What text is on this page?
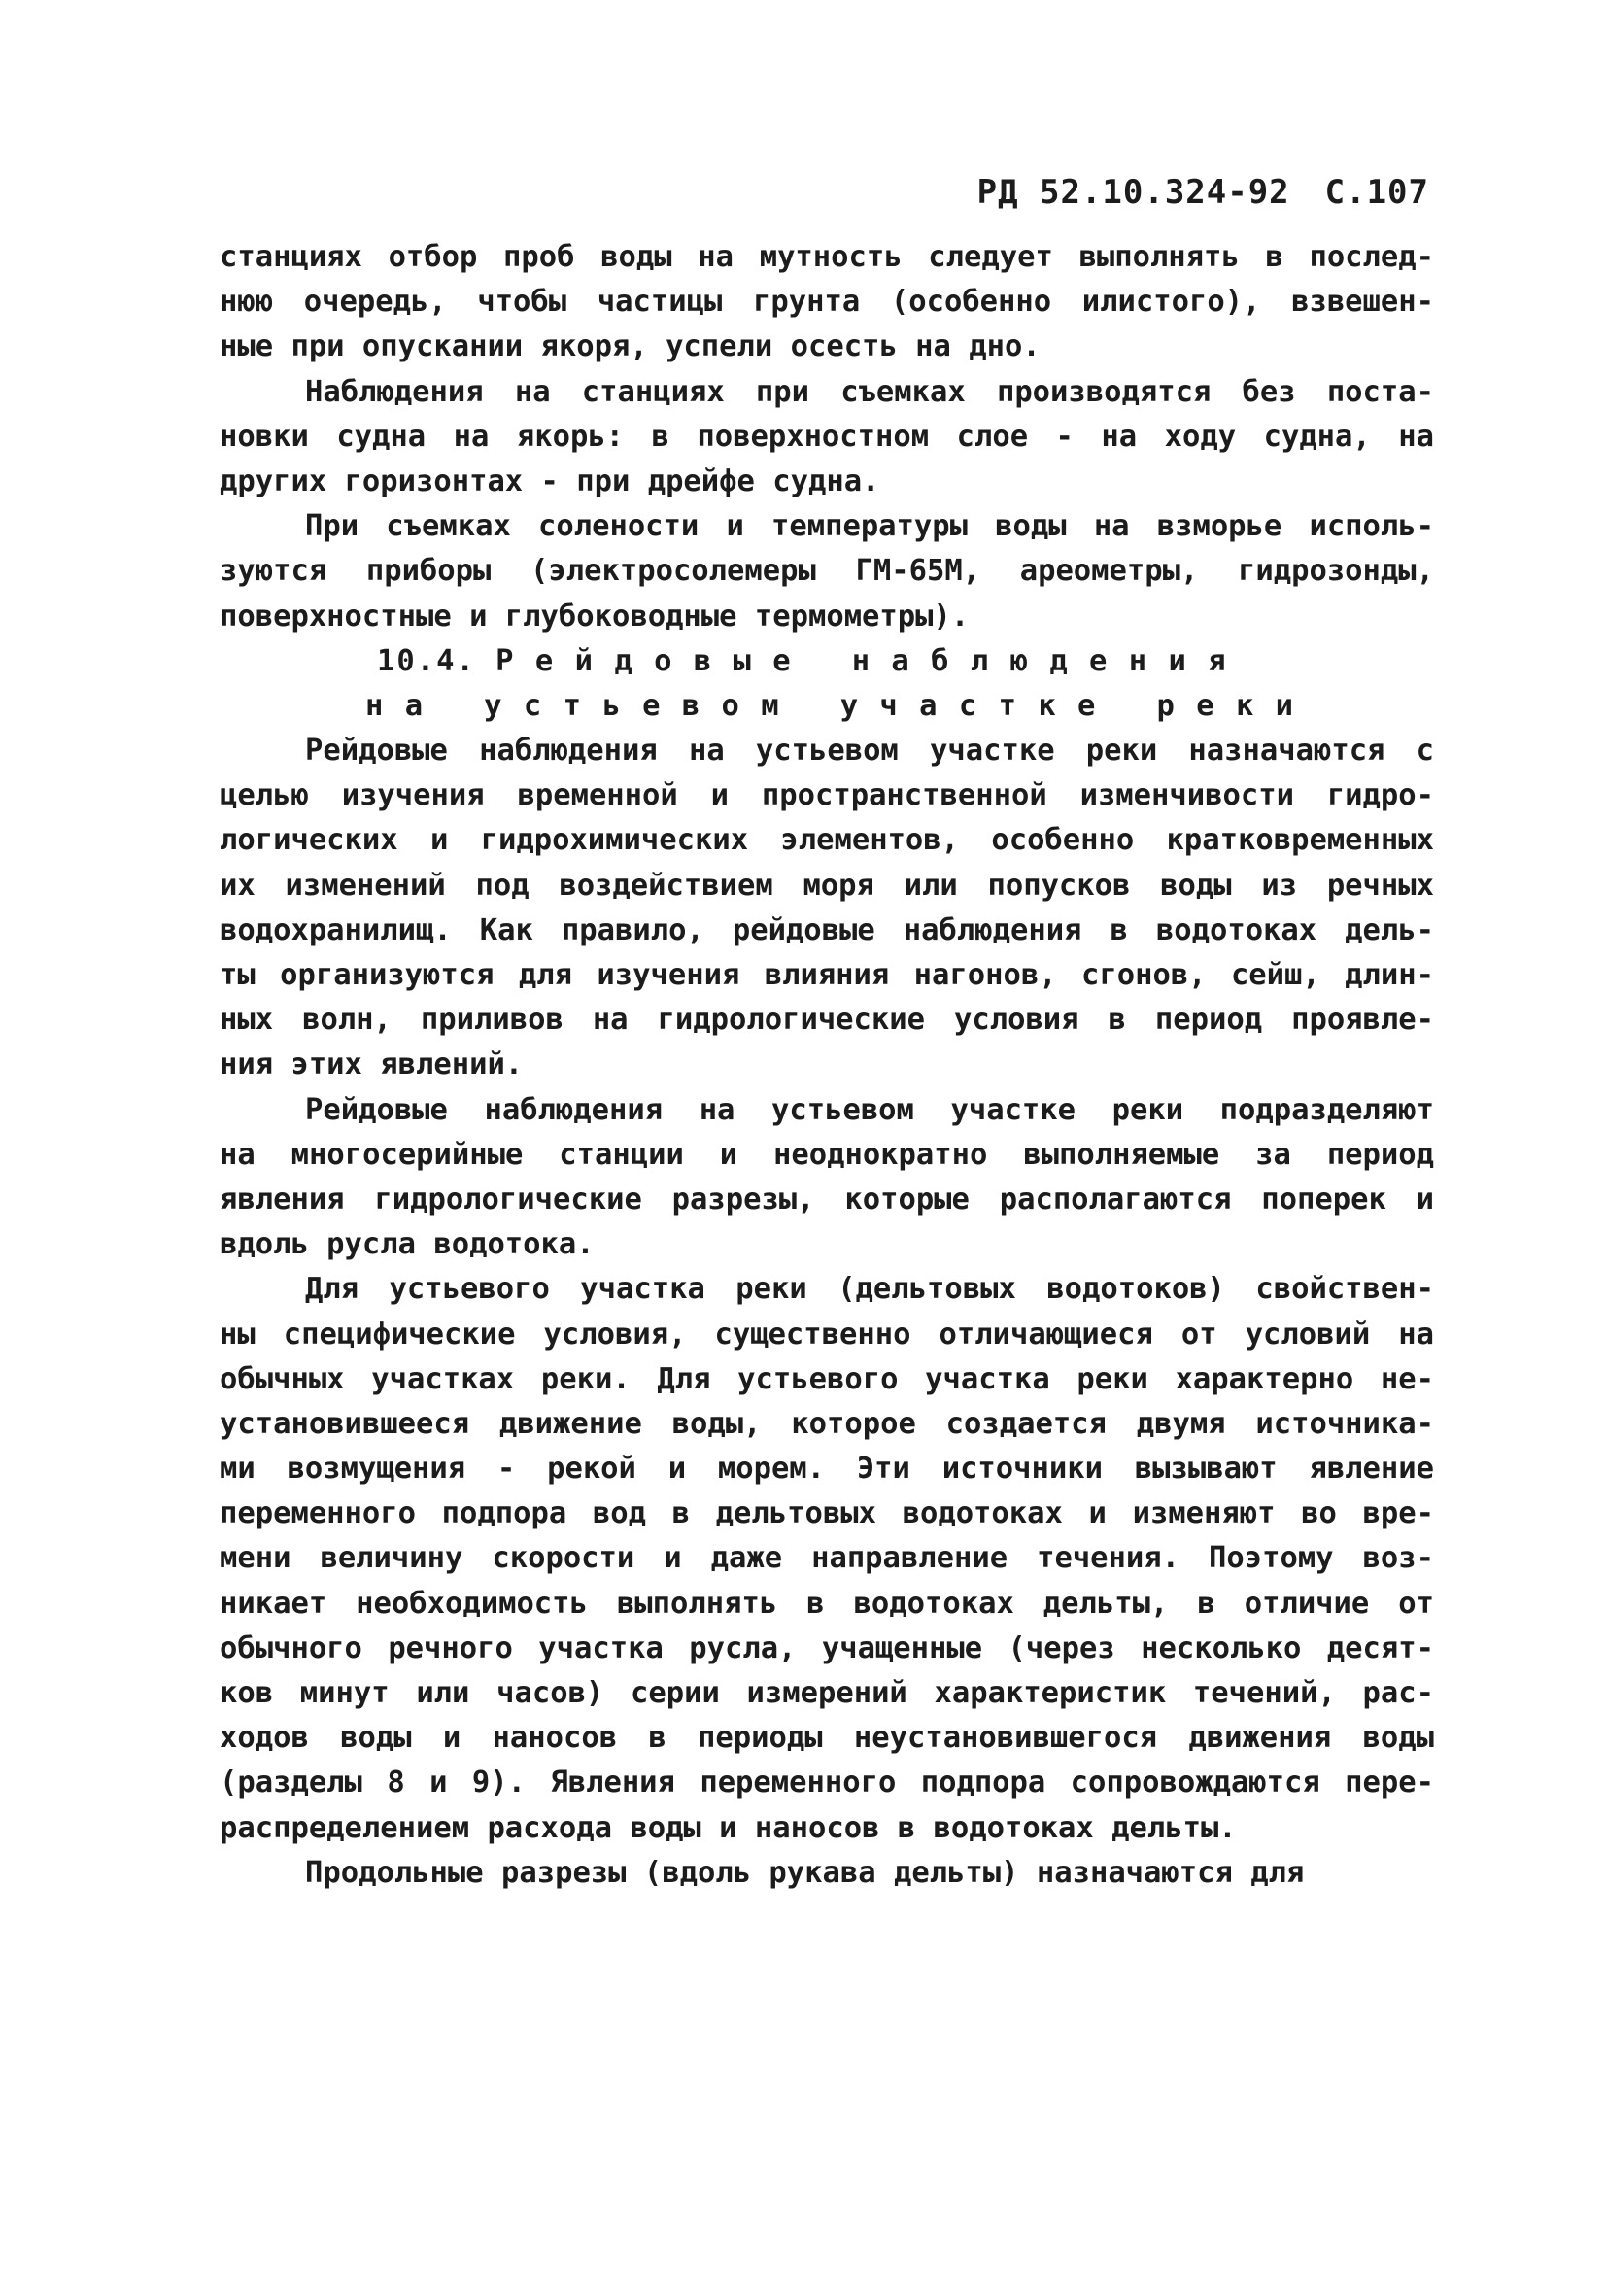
РД 52.10.324-92 С.107
станциях отбор проб воды на мутность следует выполнять в послед-
нюю очередь, чтобы частицы грунта (особенно илистого), взвешен-
ные при опускании якоря, успели осесть на дно.
Наблюдения на станциях при съемках производятся без поста-
новки судна на якорь: в поверхностном слое - на ходу судна, на
других горизонтах - при дрейфе судна.
При съемках солености и температуры воды на взморье исполь-
зуются приборы (электросолемеры ГМ-65М, ареометры, гидрозонды,
поверхностные и глубоководные термометры).
10.4. Р е й д о в ы е   н а б л ю д е н и я
н а   у с т ь е в о м   у ч а с т к е   р е к и
Рейдовые наблюдения на устьевом участке реки назначаются с
целью изучения временной и пространственной изменчивости гидро-
логических и гидрохимических элементов, особенно кратковременных
их изменений под воздействием моря или попусков воды из речных
водохранилищ. Как правило, рейдовые наблюдения в водотоках дель-
ты организуются для изучения влияния нагонов, сгонов, сейш, длин-
ных волн, приливов на гидрологические условия в период проявле-
ния этих явлений.
Рейдовые наблюдения на устьевом участке реки подразделяют
на многосерийные станции и неоднократно выполняемые за период
явления гидрологические разрезы, которые располагаются поперек и
вдоль русла водотока.
Для устьевого участка реки (дельтовых водотоков) свойствен-
ны специфические условия, существенно отличающиеся от условий на
обычных участках реки. Для устьевого участка реки характерно не-
установившееся движение воды, которое создается двумя источника-
ми возмущения - рекой и морем. Эти источники вызывают явление
переменного подпора вод в дельтовых водотоках и изменяют во вре-
мени величину скорости и даже направление течения. Поэтому воз-
никает необходимость выполнять в водотоках дельты, в отличие от
обычного речного участка русла, учащенные (через несколько десят-
ков минут или часов) серии измерений характеристик течений, рас-
ходов воды и наносов в периоды неустановившегося движения воды
(разделы 8 и 9). Явления переменного подпора сопровождаются пере-
распределением расхода воды и наносов в водотоках дельты.
Продольные разрезы (вдоль рукава дельты) назначаются для
